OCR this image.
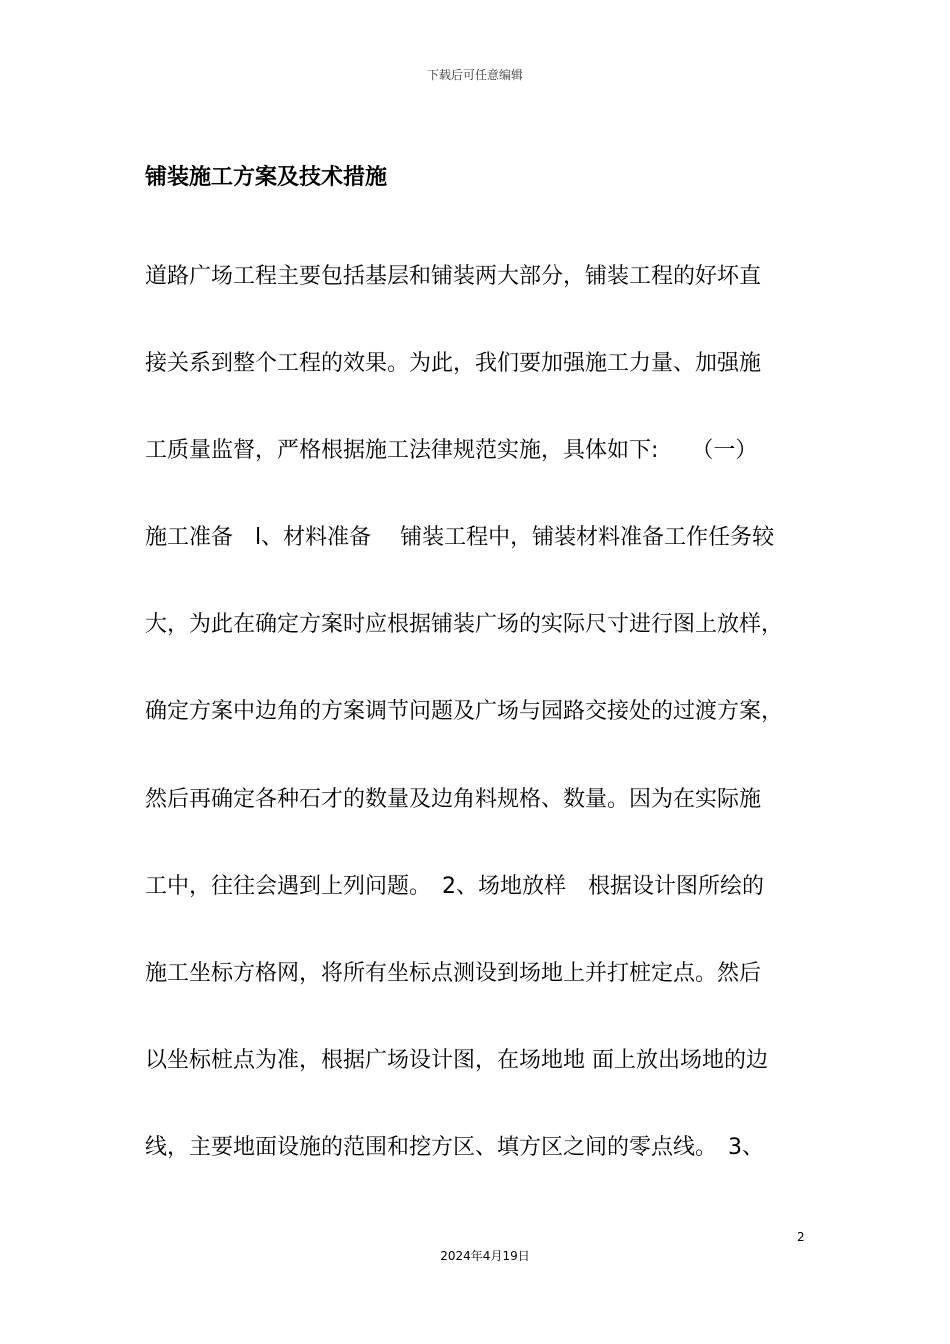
下载后可任意编辑
铺装施工方案及技术措施
道路广场工程主要包括基层和铺装两大部分，铺装工程的好坏直
接关系到整个工程的效果。为此，我们要加强施工力量、加强施
工质量监督，严格根据施工法律规范实施，具体如下:　　（一）
施工准备　l、材料准备　 铺装工程中，铺装材料准备工作任务较
大，为此在确定方案时应根据铺装广场的实际尺寸进行图上放样，
确定方案中边角的方案调节问题及广场与园路交接处的过渡方案，
然后再确定各种石才的数量及边角料规格、数量。因为在实际施
工中，往往会遇到上列问题。　2、场地放样　根据设计图所绘的
施工坐标方格网，将所有坐标点测设到场地上并打桩定点。然后
以坐标桩点为准，根据广场设计图，在场地地 面上放出场地的边
线，主要地面设施的范围和挖方区、填方区之间的零点线。　3、
2
2024年4月19日
